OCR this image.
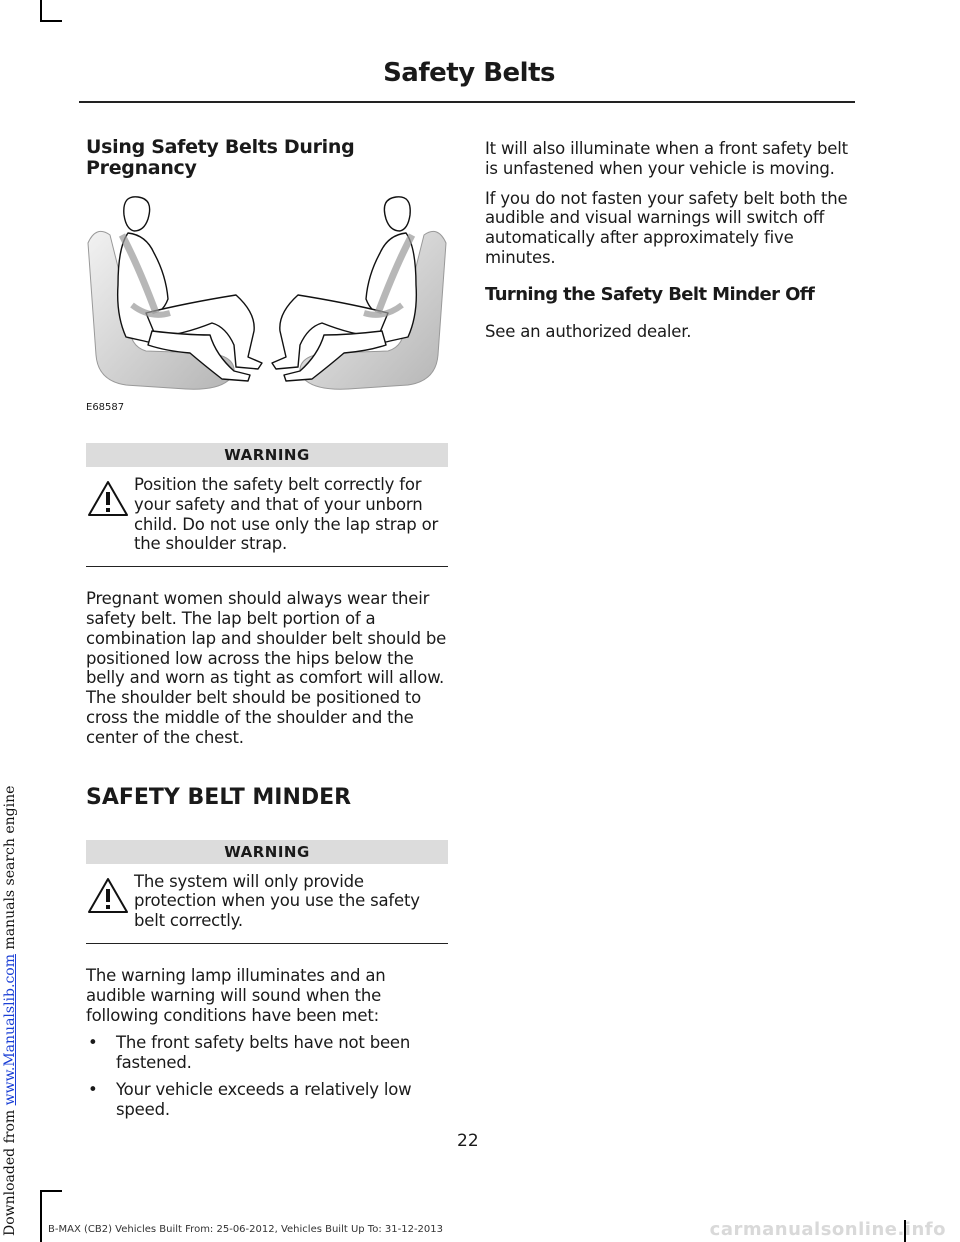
Downloaded from www.Manualslib.com manuals search engine
Safety Belts
Using Safety Belts During Pregnancy
E68587
WARNING
Position the safety belt correctly for your safety and that of your unborn child. Do not use only the lap strap or the shoulder strap.

Pregnant women should always wear their safety belt. The lap belt portion of a combination lap and shoulder belt should be positioned low across the hips below the belly and worn as tight as comfort will allow. The shoulder belt should be positioned to cross the middle of the shoulder and the center of the chest.

SAFETY BELT MINDER
WARNING
The system will only provide protection when you use the safety belt correctly.

The warning lamp illuminates and an audible warning will sound when the following conditions have been met:

• The front safety belts have not been fastened.
• Your vehicle exceeds a relatively low speed.

It will also illuminate when a front safety belt is unfastened when your vehicle is moving.

If you do not fasten your safety belt both the audible and visual warnings will switch off automatically after approximately five minutes.

Turning the Safety Belt Minder Off

See an authorized dealer.

22
B-MAX (CB2) Vehicles Built From: 25-06-2012, Vehicles Built Up To: 31-12-2013	carmanualsonline.info
